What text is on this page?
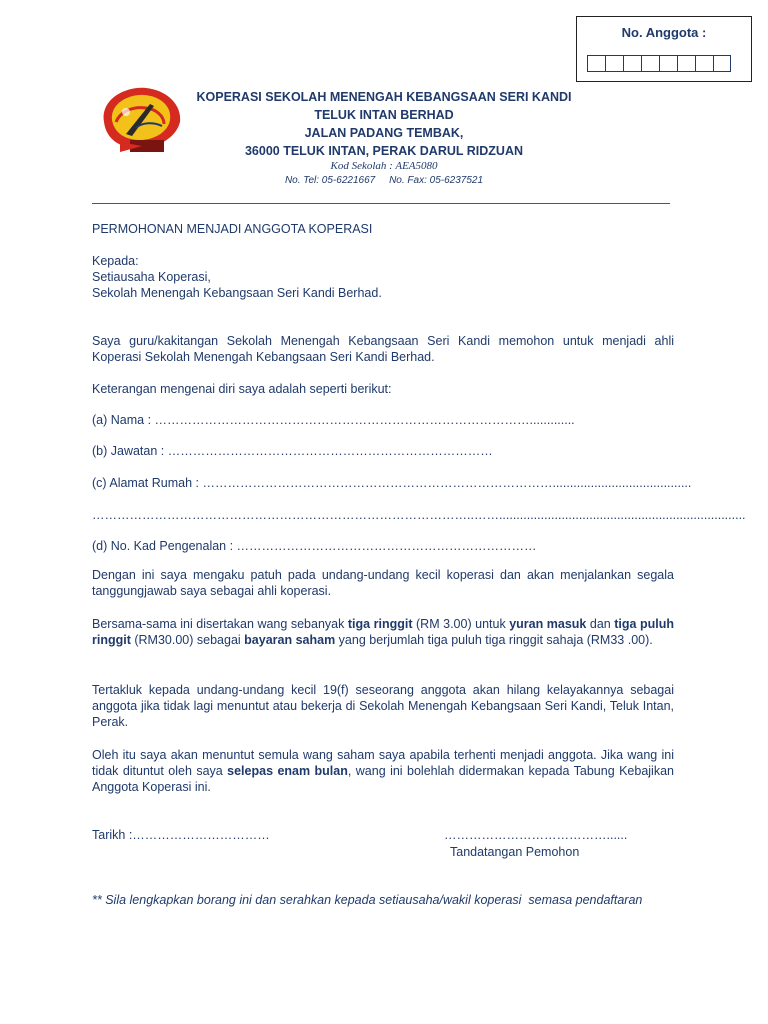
No. Anggota :
KOPERASI SEKOLAH MENENGAH KEBANGSAAN SERI KANDI
TELUK INTAN BERHAD
JALAN PADANG TEMBAK,
36000 TELUK INTAN, PERAK DARUL RIDZUAN
Kod Sekolah : AEA5080
No. Tel: 05-6221667     No. Fax: 05-6237521
PERMOHONAN MENJADI ANGGOTA KOPERASI
Kepada:
Setiausaha Koperasi,
Sekolah Menengah Kebangsaan Seri Kandi Berhad.
Saya guru/kakitangan Sekolah Menengah Kebangsaan Seri Kandi memohon untuk menjadi ahli Koperasi Sekolah Menengah Kebangsaan Seri Kandi Berhad.
Keterangan mengenai diri saya adalah seperti berikut:
(a) Nama : ……………………………………………………………………………….............
(b) Jawatan : ……………………………………………………………………
(c) Alamat Rumah : …………………………………………………………………………........................................
………………………………………………………………………………..…….......................................................................
(d) No. Kad Pengenalan : ………………………………………………………………
Dengan ini saya mengaku patuh pada undang-undang kecil koperasi dan akan menjalankan segala tanggungjawab saya sebagai ahli koperasi.
Bersama-sama ini disertakan wang sebanyak tiga ringgit (RM 3.00) untuk yuran masuk dan tiga puluh ringgit (RM30.00) sebagai bayaran saham yang berjumlah tiga puluh tiga ringgit sahaja (RM33 .00).
Tertakluk kepada undang-undang kecil 19(f) seseorang anggota akan hilang kelayakannya sebagai anggota jika tidak lagi menuntut atau bekerja di Sekolah Menengah Kebangsaan Seri Kandi, Teluk Intan, Perak.
Oleh itu saya akan menuntut semula wang saham saya apabila terhenti menjadi anggota. Jika wang ini tidak dituntut oleh saya selepas enam bulan, wang ini bolehlah didermakan kepada Tabung Kebajikan Anggota Koperasi ini.
Tarikh :……………………………	…………………………………......
Tandatangan Pemohon
** Sila lengkapkan borang ini dan serahkan kepada setiausaha/wakil koperasi  semasa pendaftaran
